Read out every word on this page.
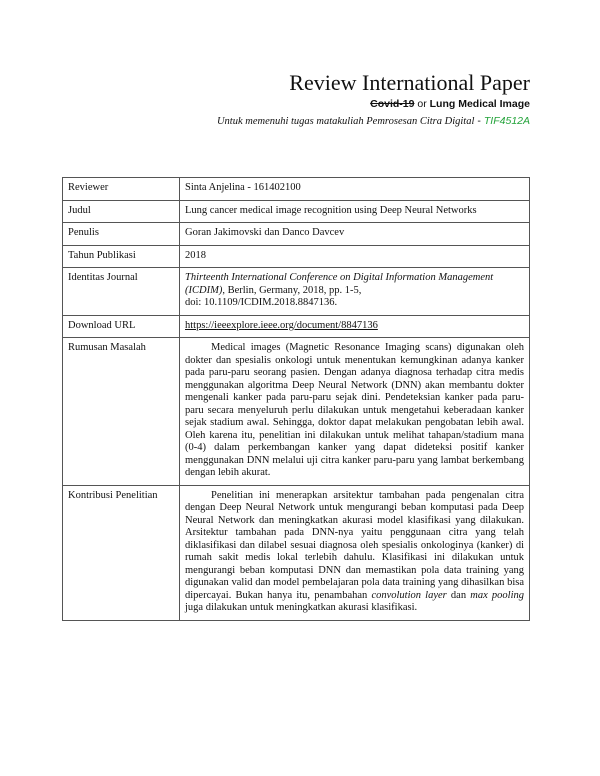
Review International Paper
Covid-19 or Lung Medical Image
Untuk memenuhi tugas matakuliah Pemrosesan Citra Digital - TIF4512A
Reviewer	Sinta Anjelina - 161402100
Judul	Lung cancer medical image recognition using Deep Neural Networks
Penulis	Goran Jakimovski dan Danco Davcev
Tahun Publikasi	2018
Identitas Journal	Thirteenth International Conference on Digital Information Management (ICDIM), Berlin, Germany, 2018, pp. 1-5,
doi: 10.1109/ICDIM.2018.8847136.
Download URL	https://ieeexplore.ieee.org/document/8847136
Rumusan Masalah	Medical images (Magnetic Resonance Imaging scans) digunakan oleh dokter dan spesialis onkologi untuk menentukan kemungkinan adanya kanker pada paru-paru seorang pasien. Dengan adanya diagnosa terhadap citra medis menggunakan algoritma Deep Neural Network (DNN) akan membantu dokter mengenali kanker pada paru-paru sejak dini. Pendeteksian kanker pada paru-paru secara menyeluruh perlu dilakukan untuk mengetahui keberadaan kanker sejak stadium awal. Sehingga, doktor dapat melakukan pengobatan lebih awal. Oleh karena itu, penelitian ini dilakukan untuk melihat tahapan/stadium mana (0-4) dalam perkembangan kanker yang dapat dideteksi positif kanker menggunakan DNN melalui uji citra kanker paru-paru yang lambat berkembang dengan lebih akurat.
Kontribusi Penelitian	Penelitian ini menerapkan arsitektur tambahan pada pengenalan citra dengan Deep Neural Network untuk mengurangi beban komputasi pada Deep Neural Network dan meningkatkan akurasi model klasifikasi yang dilakukan. Arsitektur tambahan pada DNN-nya yaitu penggunaan citra yang telah diklasifikasi dan dilabel sesuai diagnosa oleh spesialis onkologinya (kanker) di rumah sakit medis lokal terlebih dahulu. Klasifikasi ini dilakukan untuk mengurangi beban komputasi DNN dan memastikan pola data training yang digunakan valid dan model pembelajaran pola data training yang dihasilkan bisa dipercayai. Bukan hanya itu, penambahan convolution layer dan max pooling juga dilakukan untuk meningkatkan akurasi klasifikasi.
